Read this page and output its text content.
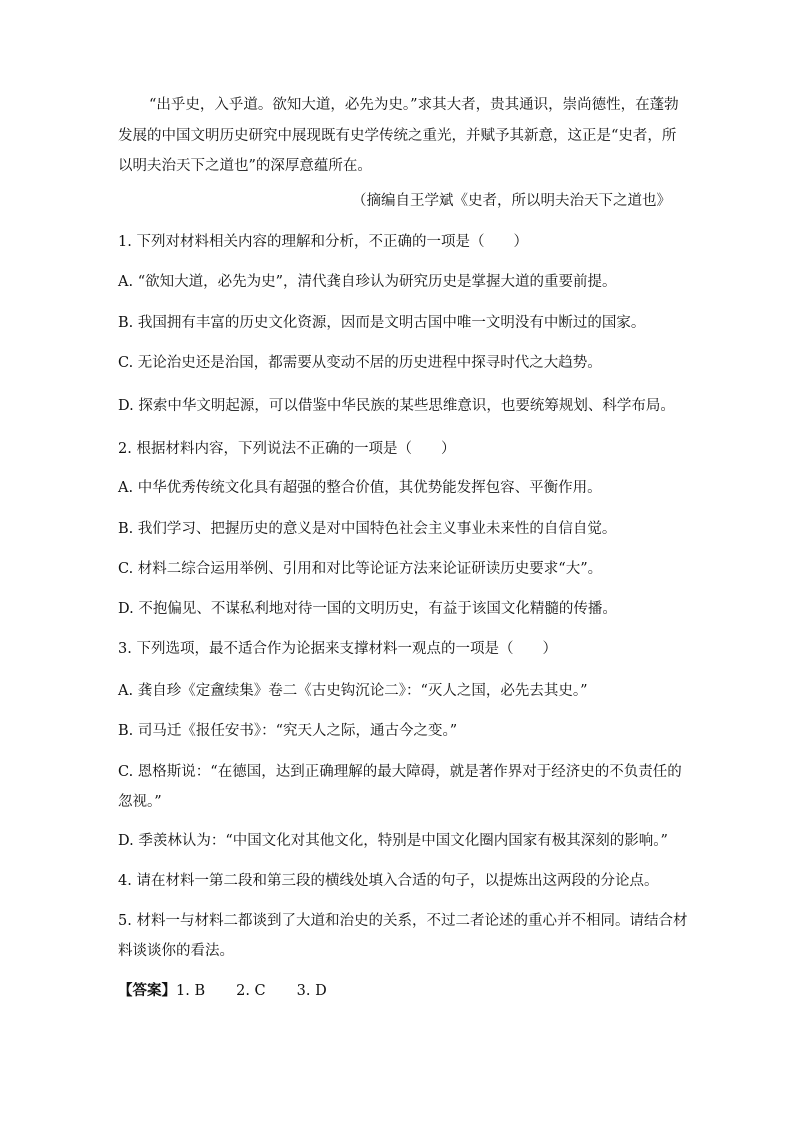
“出乎史，入乎道。欲知大道，必先为史。”求其大者，贵其通识，崇尚德性，在蓬勃
发展的中国文明历史研究中展现既有史学传统之重光，并赋予其新意，这正是“史者，所
以明夫治天下之道也”的深厚意蕴所在。
（摘编自王学斌《史者，所以明夫治天下之道也》
1. 下列对材料相关内容的理解和分析，不正确的一项是（　　）
A. “欲知大道，必先为史”，清代龚自珍认为研究历史是掌握大道的重要前提。
B. 我国拥有丰富的历史文化资源，因而是文明古国中唯一文明没有中断过的国家。
C. 无论治史还是治国，都需要从变动不居的历史进程中探寻时代之大趋势。
D. 探索中华文明起源，可以借鉴中华民族的某些思维意识，也要统筹规划、科学布局。
2. 根据材料内容，下列说法不正确的一项是（　　）
A. 中华优秀传统文化具有超强的整合价值，其优势能发挥包容、平衡作用。
B. 我们学习、把握历史的意义是对中国特色社会主义事业未来性的自信自觉。
C. 材料二综合运用举例、引用和对比等论证方法来论证研读历史要求“大”。
D. 不抱偏见、不谋私利地对待一国的文明历史，有益于该国文化精髓的传播。
3. 下列选项，最不适合作为论据来支撑材料一观点的一项是（　　）
A. 龚自珍《定盦续集》卷二《古史钩沉论二》：“灭人之国，必先去其史。”
B. 司马迁《报任安书》：“究天人之际，通古今之变。”
C. 恩格斯说：“在德国，达到正确理解的最大障碍，就是著作界对于经济史的不负责任的
忽视。”
D. 季羡林认为：“中国文化对其他文化，特别是中国文化圈内国家有极其深刻的影响。”
4. 请在材料一第二段和第三段的横线处填入合适的句子，以提炼出这两段的分论点。
5. 材料一与材料二都谈到了大道和治史的关系，不过二者论述的重心并不相同。请结合材
料谈谈你的看法。
【答案】1. B　　 2. C　　 3. D
